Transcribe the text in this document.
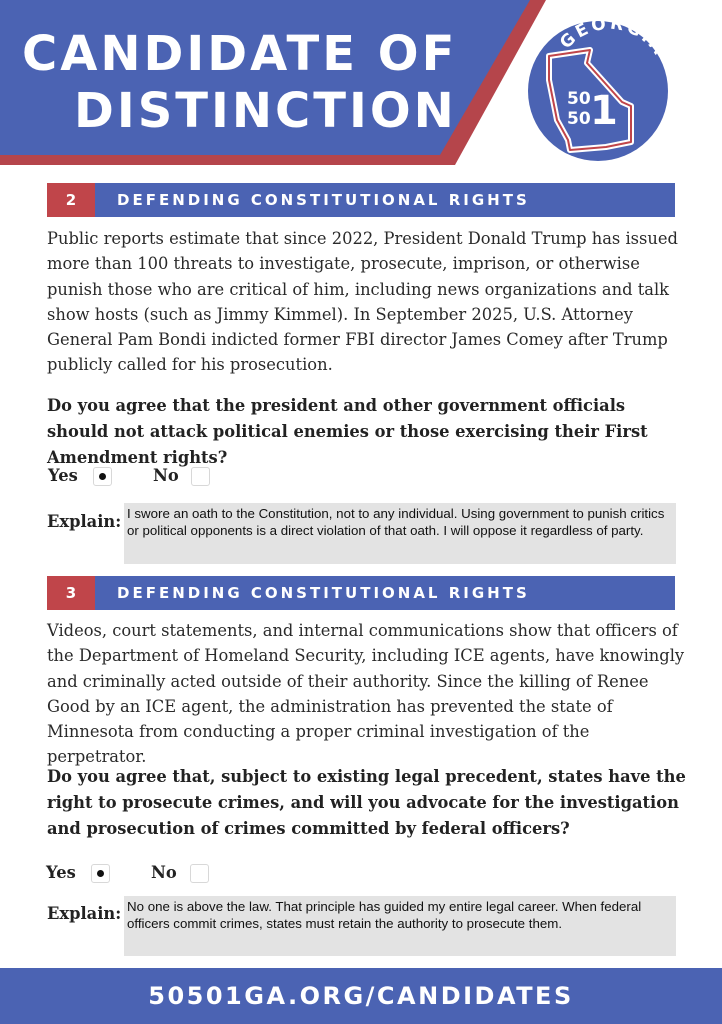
CANDIDATE OF
DISTINCTION
GEORGIA
50
50 1
2	DEFENDING CONSTITUTIONAL RIGHTS
Public reports estimate that since 2022, President Donald Trump has issued more than 100 threats to investigate, prosecute, imprison, or otherwise punish those who are critical of him, including news organizations and talk show hosts (such as Jimmy Kimmel). In September 2025, U.S. Attorney General Pam Bondi indicted former FBI director James Comey after Trump publicly called for his prosecution.
Do you agree that the president and other government officials should not attack political enemies or those exercising their First Amendment rights?
Yes	No
Explain: I swore an oath to the Constitution, not to any individual. Using government to punish critics or political opponents is a direct violation of that oath. I will oppose it regardless of party.
3	DEFENDING CONSTITUTIONAL RIGHTS
Videos, court statements, and internal communications show that officers of the Department of Homeland Security, including ICE agents, have knowingly and criminally acted outside of their authority. Since the killing of Renee Good by an ICE agent, the administration has prevented the state of Minnesota from conducting a proper criminal investigation of the perpetrator.
Do you agree that, subject to existing legal precedent, states have the right to prosecute crimes, and will you advocate for the investigation and prosecution of crimes committed by federal officers?
Yes	No
Explain: No one is above the law. That principle has guided my entire legal career. When federal officers commit crimes, states must retain the authority to prosecute them.
50501GA.ORG/CANDIDATES
